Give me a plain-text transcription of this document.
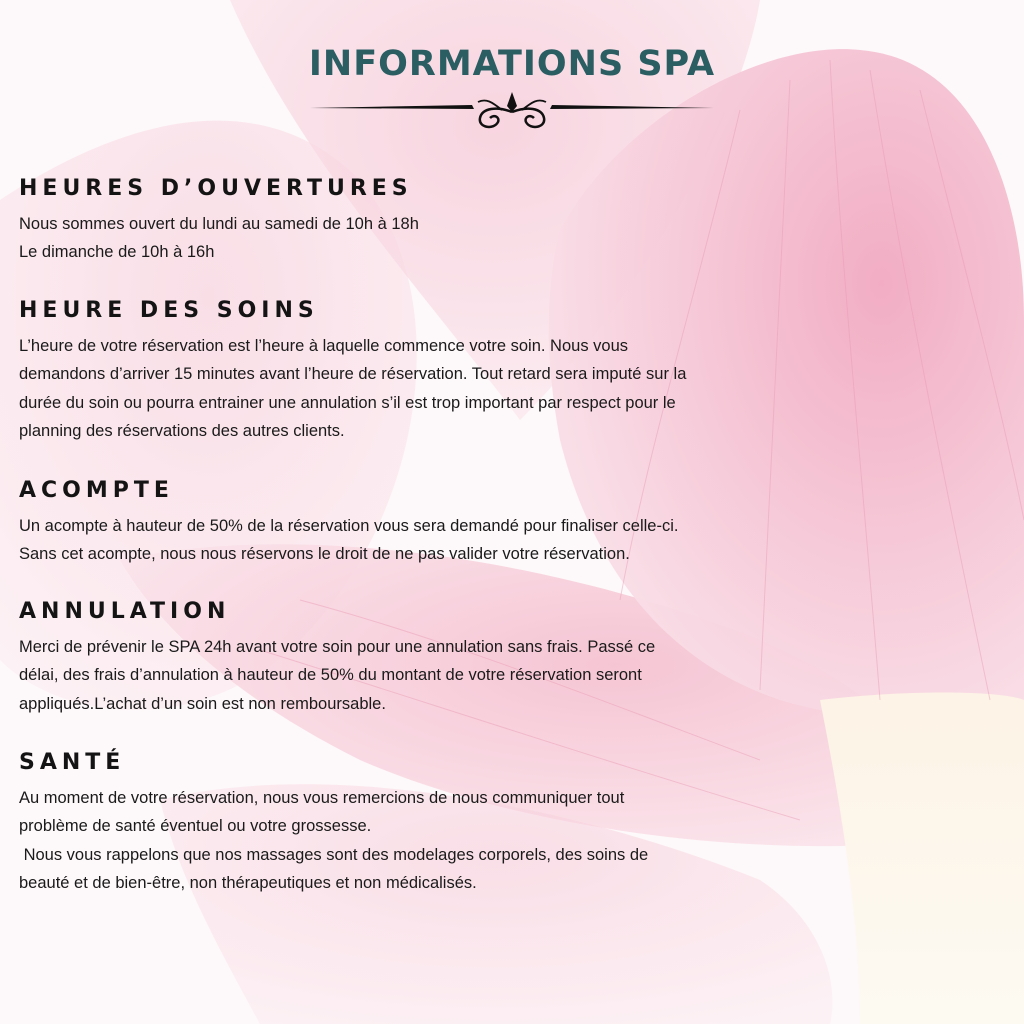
INFORMATIONS SPA
HEURES D’OUVERTURES

Nous sommes ouvert du lundi au samedi de 10h à 18h

Le dimanche de 10h à 16h

HEURE DES SOINS

L’heure de votre réservation est l’heure à laquelle commence votre soin. Nous vous

demandons d’arriver 15 minutes avant l’heure de réservation. Tout retard sera imputé sur la

durée du soin ou pourra entrainer une annulation s’il est trop important par respect pour le

planning des réservations des autres clients.

ACOMPTE

Un acompte à hauteur de 50% de la réservation vous sera demandé pour finaliser celle-ci.

Sans cet acompte, nous nous réservons le droit de ne pas valider votre réservation.

ANNULATION

Merci de prévenir le SPA 24h avant votre soin pour une annulation sans frais. Passé ce

délai, des frais d’annulation à hauteur de 50% du montant de votre réservation seront

appliqués.L’achat d’un soin est non remboursable.

SANTÉ

Au moment de votre réservation, nous vous remercions de nous communiquer tout

problème de santé éventuel ou votre grossesse.

Nous vous rappelons que nos massages sont des modelages corporels, des soins de

beauté et de bien-être, non thérapeutiques et non médicalisés.
